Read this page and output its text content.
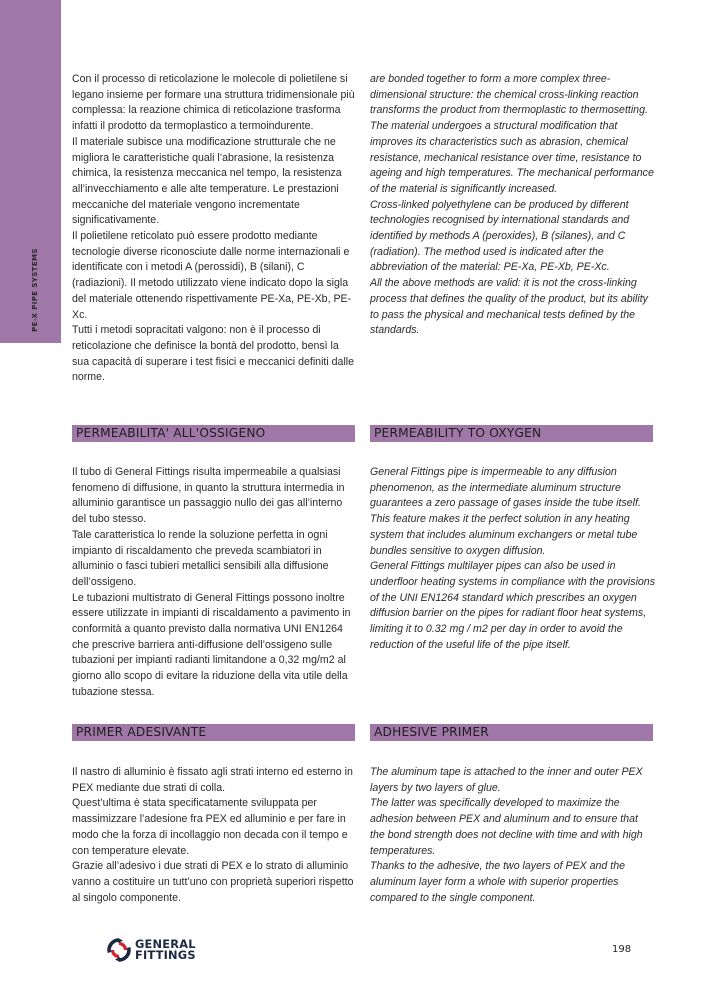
PE-X PIPE SYSTEMS

Con il processo di reticolazione le molecole di polietilene si legano insieme per formare una struttura tridimensionale più complessa: la reazione chimica di reticolazione trasforma infatti il prodotto da termoplastico a termoindurente.

Il materiale subisce una modificazione strutturale che ne migliora le caratteristiche quali l’abrasione, la resistenza chimica, la resistenza meccanica nel tempo, la resistenza all’invecchiamento e alle alte temperature. Le prestazioni meccaniche del materiale vengono incrementate significativamente.

Il polietilene reticolato può essere prodotto mediante tecnologie diverse riconosciute dalle norme internazionali e identificate con i metodi A (perossidi), B (silani), C (radiazioni). Il metodo utilizzato viene indicato dopo la sigla del materiale ottenendo rispettivamente PE-Xa, PE-Xb, PE-Xc.

Tutti i metodi sopracitati valgono: non è il processo di reticolazione che definisce la bontà del prodotto, bensì la sua capacità di superare i test fisici e meccanici definiti dalle norme.

are bonded together to form a more complex three-dimensional structure: the chemical cross-linking reaction transforms the product from thermoplastic to thermosetting.

The material undergoes a structural modification that improves its characteristics such as abrasion, chemical resistance, mechanical resistance over time, resistance to ageing and high temperatures. The mechanical performance of the material is significantly increased.

Cross-linked polyethylene can be produced by different technologies recognised by international standards and identified by methods A (peroxides), B (silanes), and C (radiation). The method used is indicated after the abbreviation of the material: PE-Xa, PE-Xb, PE-Xc.

All the above methods are valid: it is not the cross-linking process that defines the quality of the product, but its ability to pass the physical and mechanical tests defined by the standards.

PERMEABILITA' ALL'OSSIGENO	PERMEABILITY TO OXYGEN

Il tubo di General Fittings risulta impermeabile a qualsiasi fenomeno di diffusione, in quanto la struttura intermedia in alluminio garantisce un passaggio nullo dei gas all’interno del tubo stesso.

Tale caratteristica lo rende la soluzione perfetta in ogni impianto di riscaldamento che preveda scambiatori in alluminio o fasci tubieri metallici sensibili alla diffusione dell’ossigeno.

Le tubazioni multistrato di General Fittings possono inoltre essere utilizzate in impianti di riscaldamento a pavimento in conformità a quanto previsto dalla normativa UNI EN1264 che prescrive barriera anti-diffusione dell’ossigeno sulle tubazioni per impianti radianti limitandone a 0,32 mg/m2 al giorno allo scopo di evitare la riduzione della vita utile della tubazione stessa.

General Fittings pipe is impermeable to any diffusion phenomenon, as the intermediate aluminum structure guarantees a zero passage of gases inside the tube itself.

This feature makes it the perfect solution in any heating system that includes aluminum exchangers or metal tube bundles sensitive to oxygen diffusion.

General Fittings multilayer pipes can also be used in underfloor heating systems in compliance with the provisions of the UNI EN1264 standard which prescribes an oxygen diffusion barrier on the pipes for radiant floor heat systems, limiting it to 0.32 mg / m2 per day in order to avoid the reduction of the useful life of the pipe itself.

PRIMER ADESIVANTE	ADHESIVE PRIMER

Il nastro di alluminio è fissato agli strati interno ed esterno in PEX mediante due strati di colla.

Quest’ultima è stata specificatamente sviluppata per massimizzare l’adesione fra PEX ed alluminio e per fare in modo che la forza di incollaggio non decada con il tempo e con temperature elevate.

Grazie all’adesivo i due strati di PEX e lo strato di alluminio vanno a costituire un tutt’uno con proprietà superiori rispetto al singolo componente.

The aluminum tape is attached to the inner and outer PEX layers by two layers of glue.

The latter was specifically developed to maximize the adhesion between PEX and aluminum and to ensure that the bond strength does not decline with time and with high temperatures.

Thanks to the adhesive, the two layers of PEX and the aluminum layer form a whole with superior properties compared to the single component.

GENERAL
FITTINGS	198
